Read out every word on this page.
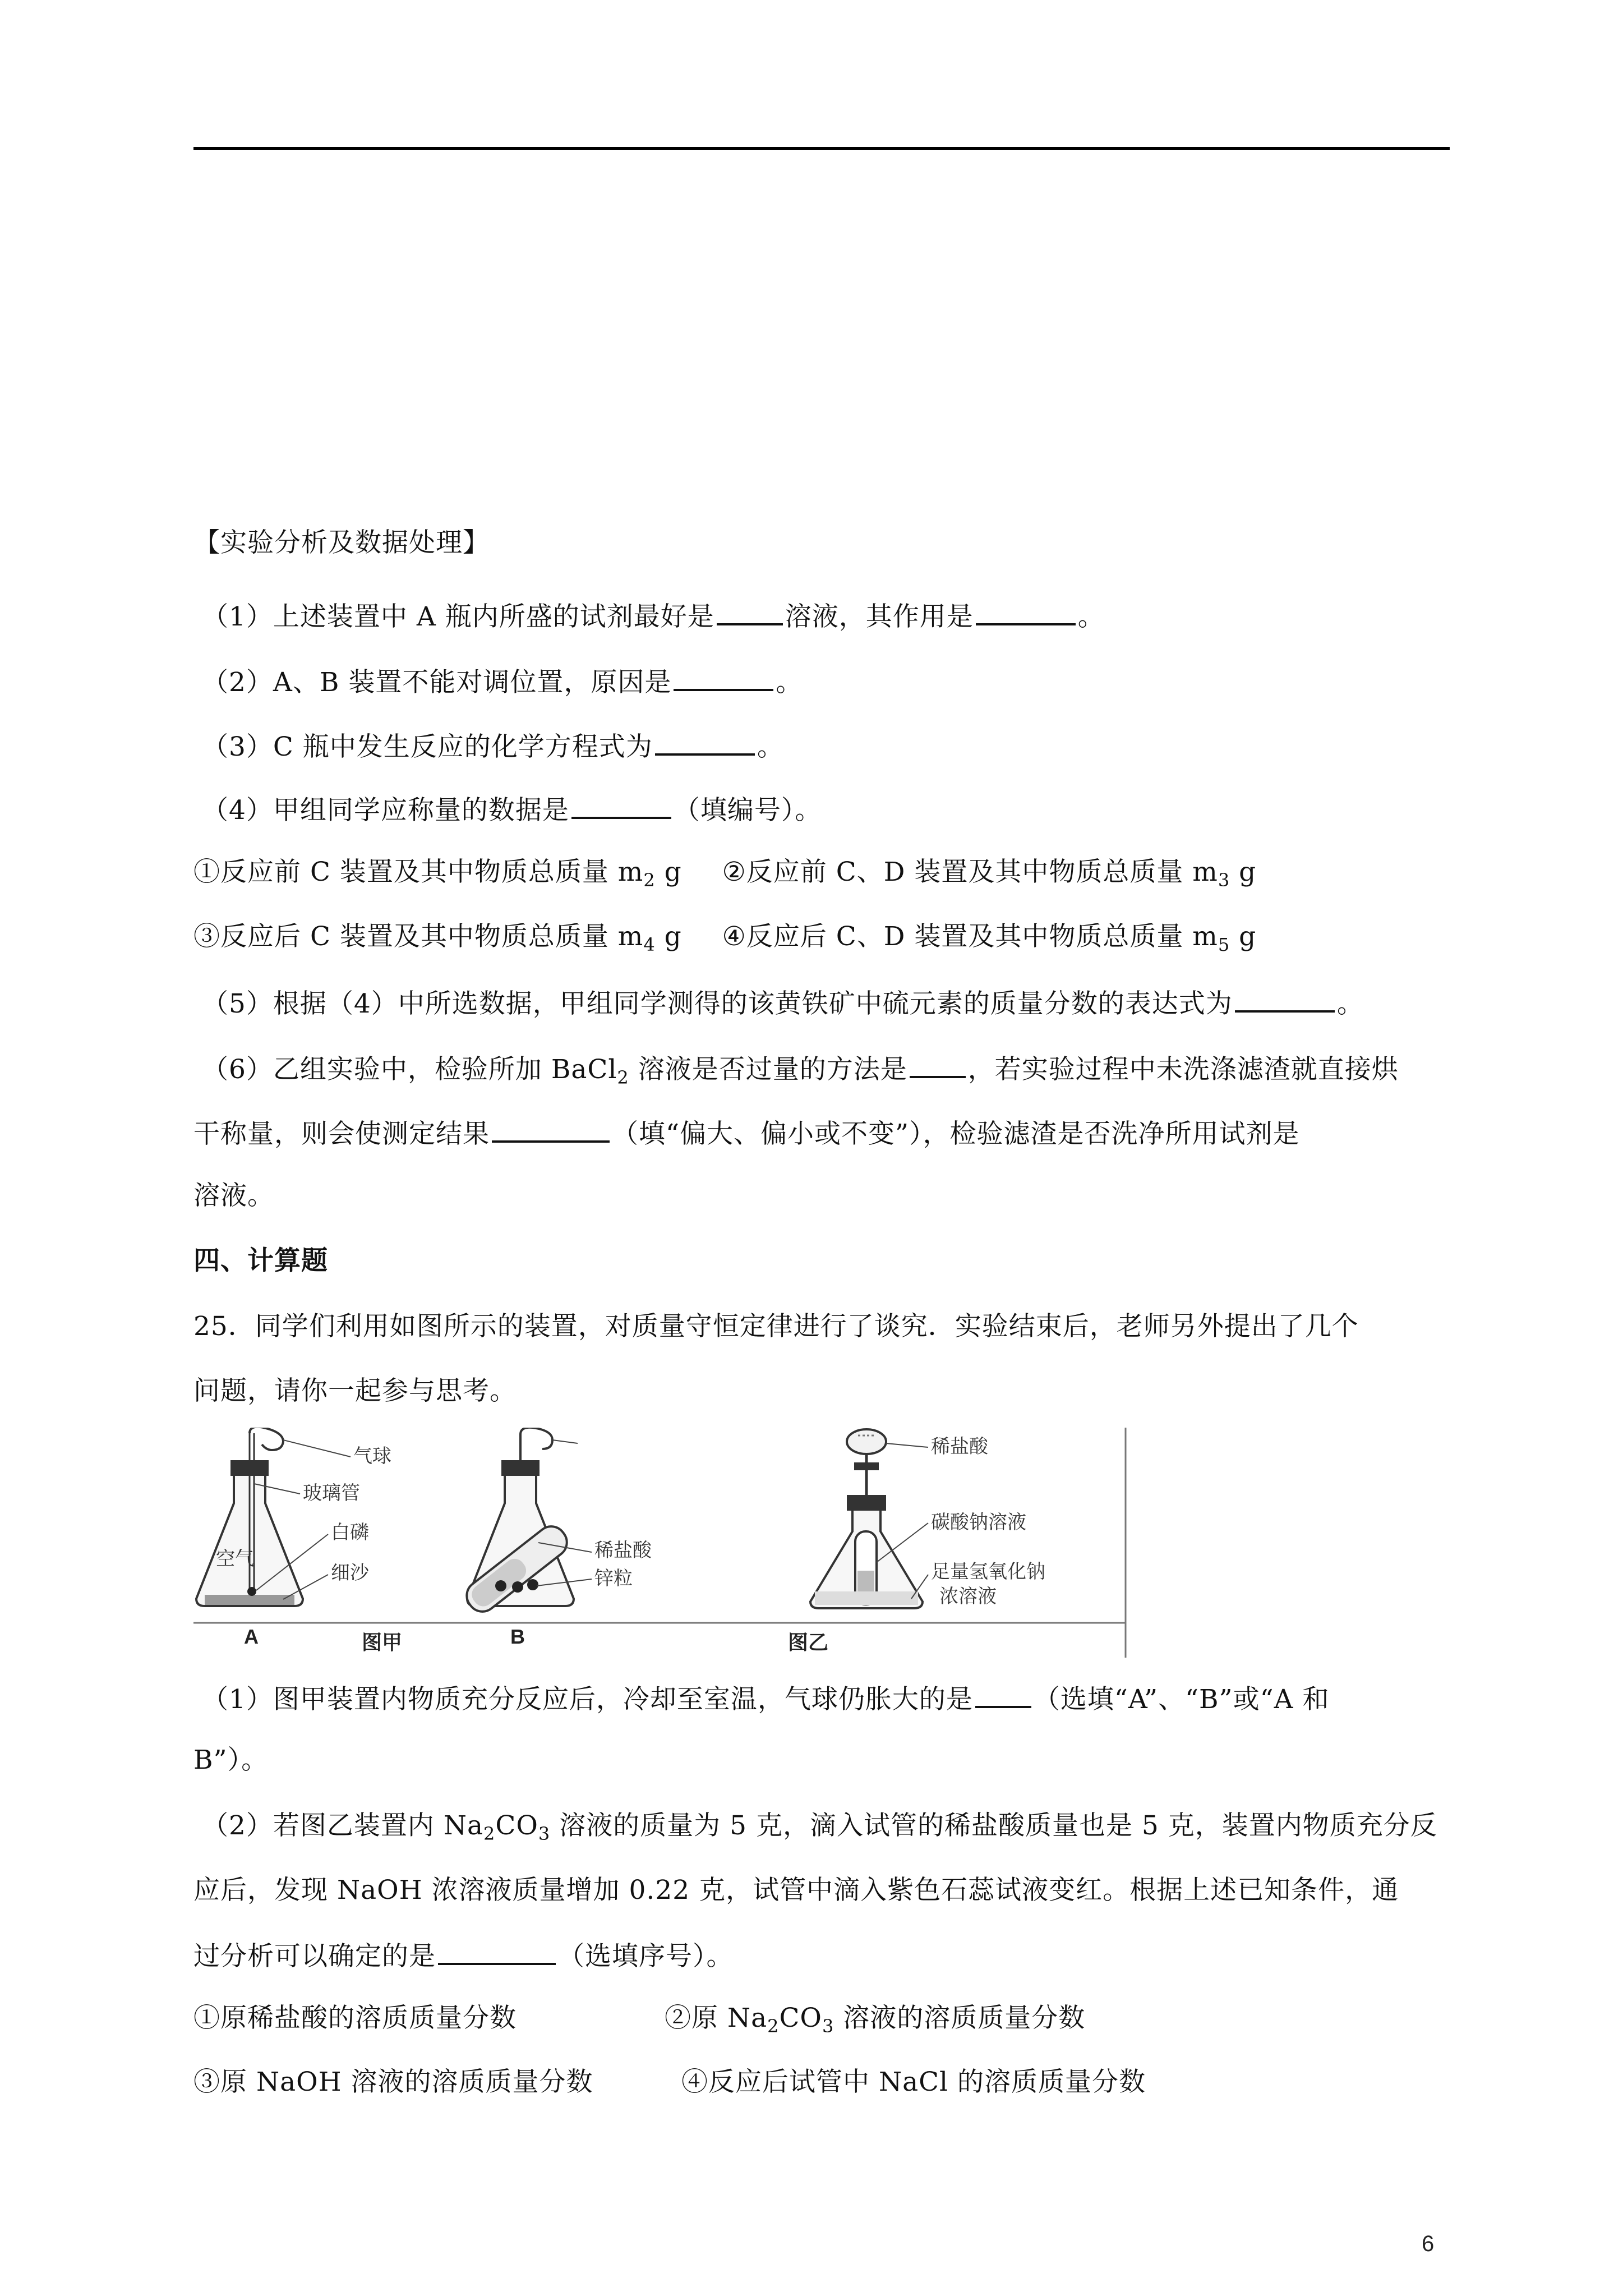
【实验分析及数据处理】
（1）上述装置中 A 瓶内所盛的试剂最好是	溶液，其作用是	。
（2）A、B 装置不能对调位置，原因是	。
（3）C 瓶中发生反应的化学方程式为	。
（4）甲组同学应称量的数据是	（填编号）。
①反应前 C 装置及其中物质总质量 $m_2$ g ②反应前 C、D 装置及其中物质总质量 $m_3$ g
③反应后 C 装置及其中物质总质量 $m_4$ g ④反应后 C、D 装置及其中物质总质量 $m_5$ g
（5）根据（4）中所选数据，甲组同学测得的该黄铁矿中硫元素的质量分数的表达式为	。
（6）乙组实验中，检验所加 BaCl$_2$ 溶液是否过量的方法是 ，若实验过程中未洗涤滤渣就直接烘
干称量，则会使测定结果	（填“偏大、偏小或不变”），检验滤渣是否洗净所用试剂是
溶液。
四、计算题
25．同学们利用如图所示的装置，对质量守恒定律进行了谈究．实验结束后，老师另外提出了几个
问题，请你一起参与思考。
气球
玻璃管
空气
白磷
细沙
A	图甲
稀盐酸
锌粒
B
稀盐酸
碳酸钠溶液
足量氢氧化钠
浓溶液
图乙
（1）图甲装置内物质充分反应后，冷却至室温，气球仍胀大的是 （选填“A”、“B”或“A 和
B”）。
（2）若图乙装置内 $Na_2CO_3$ 溶液的质量为 5 克，滴入试管的稀盐酸质量也是 5 克，装置内物质充分反
应后，发现 NaOH 浓溶液质量增加 0.22 克，试管中滴入紫色石蕊试液变红。根据上述已知条件，通
过分析可以确定的是	（选填序号）。
①原稀盐酸的溶质质量分数	②原 $Na_2CO_3$ 溶液的溶质质量分数
③原 NaOH 溶液的溶质质量分数	④反应后试管中 NaCl 的溶质质量分数
6
